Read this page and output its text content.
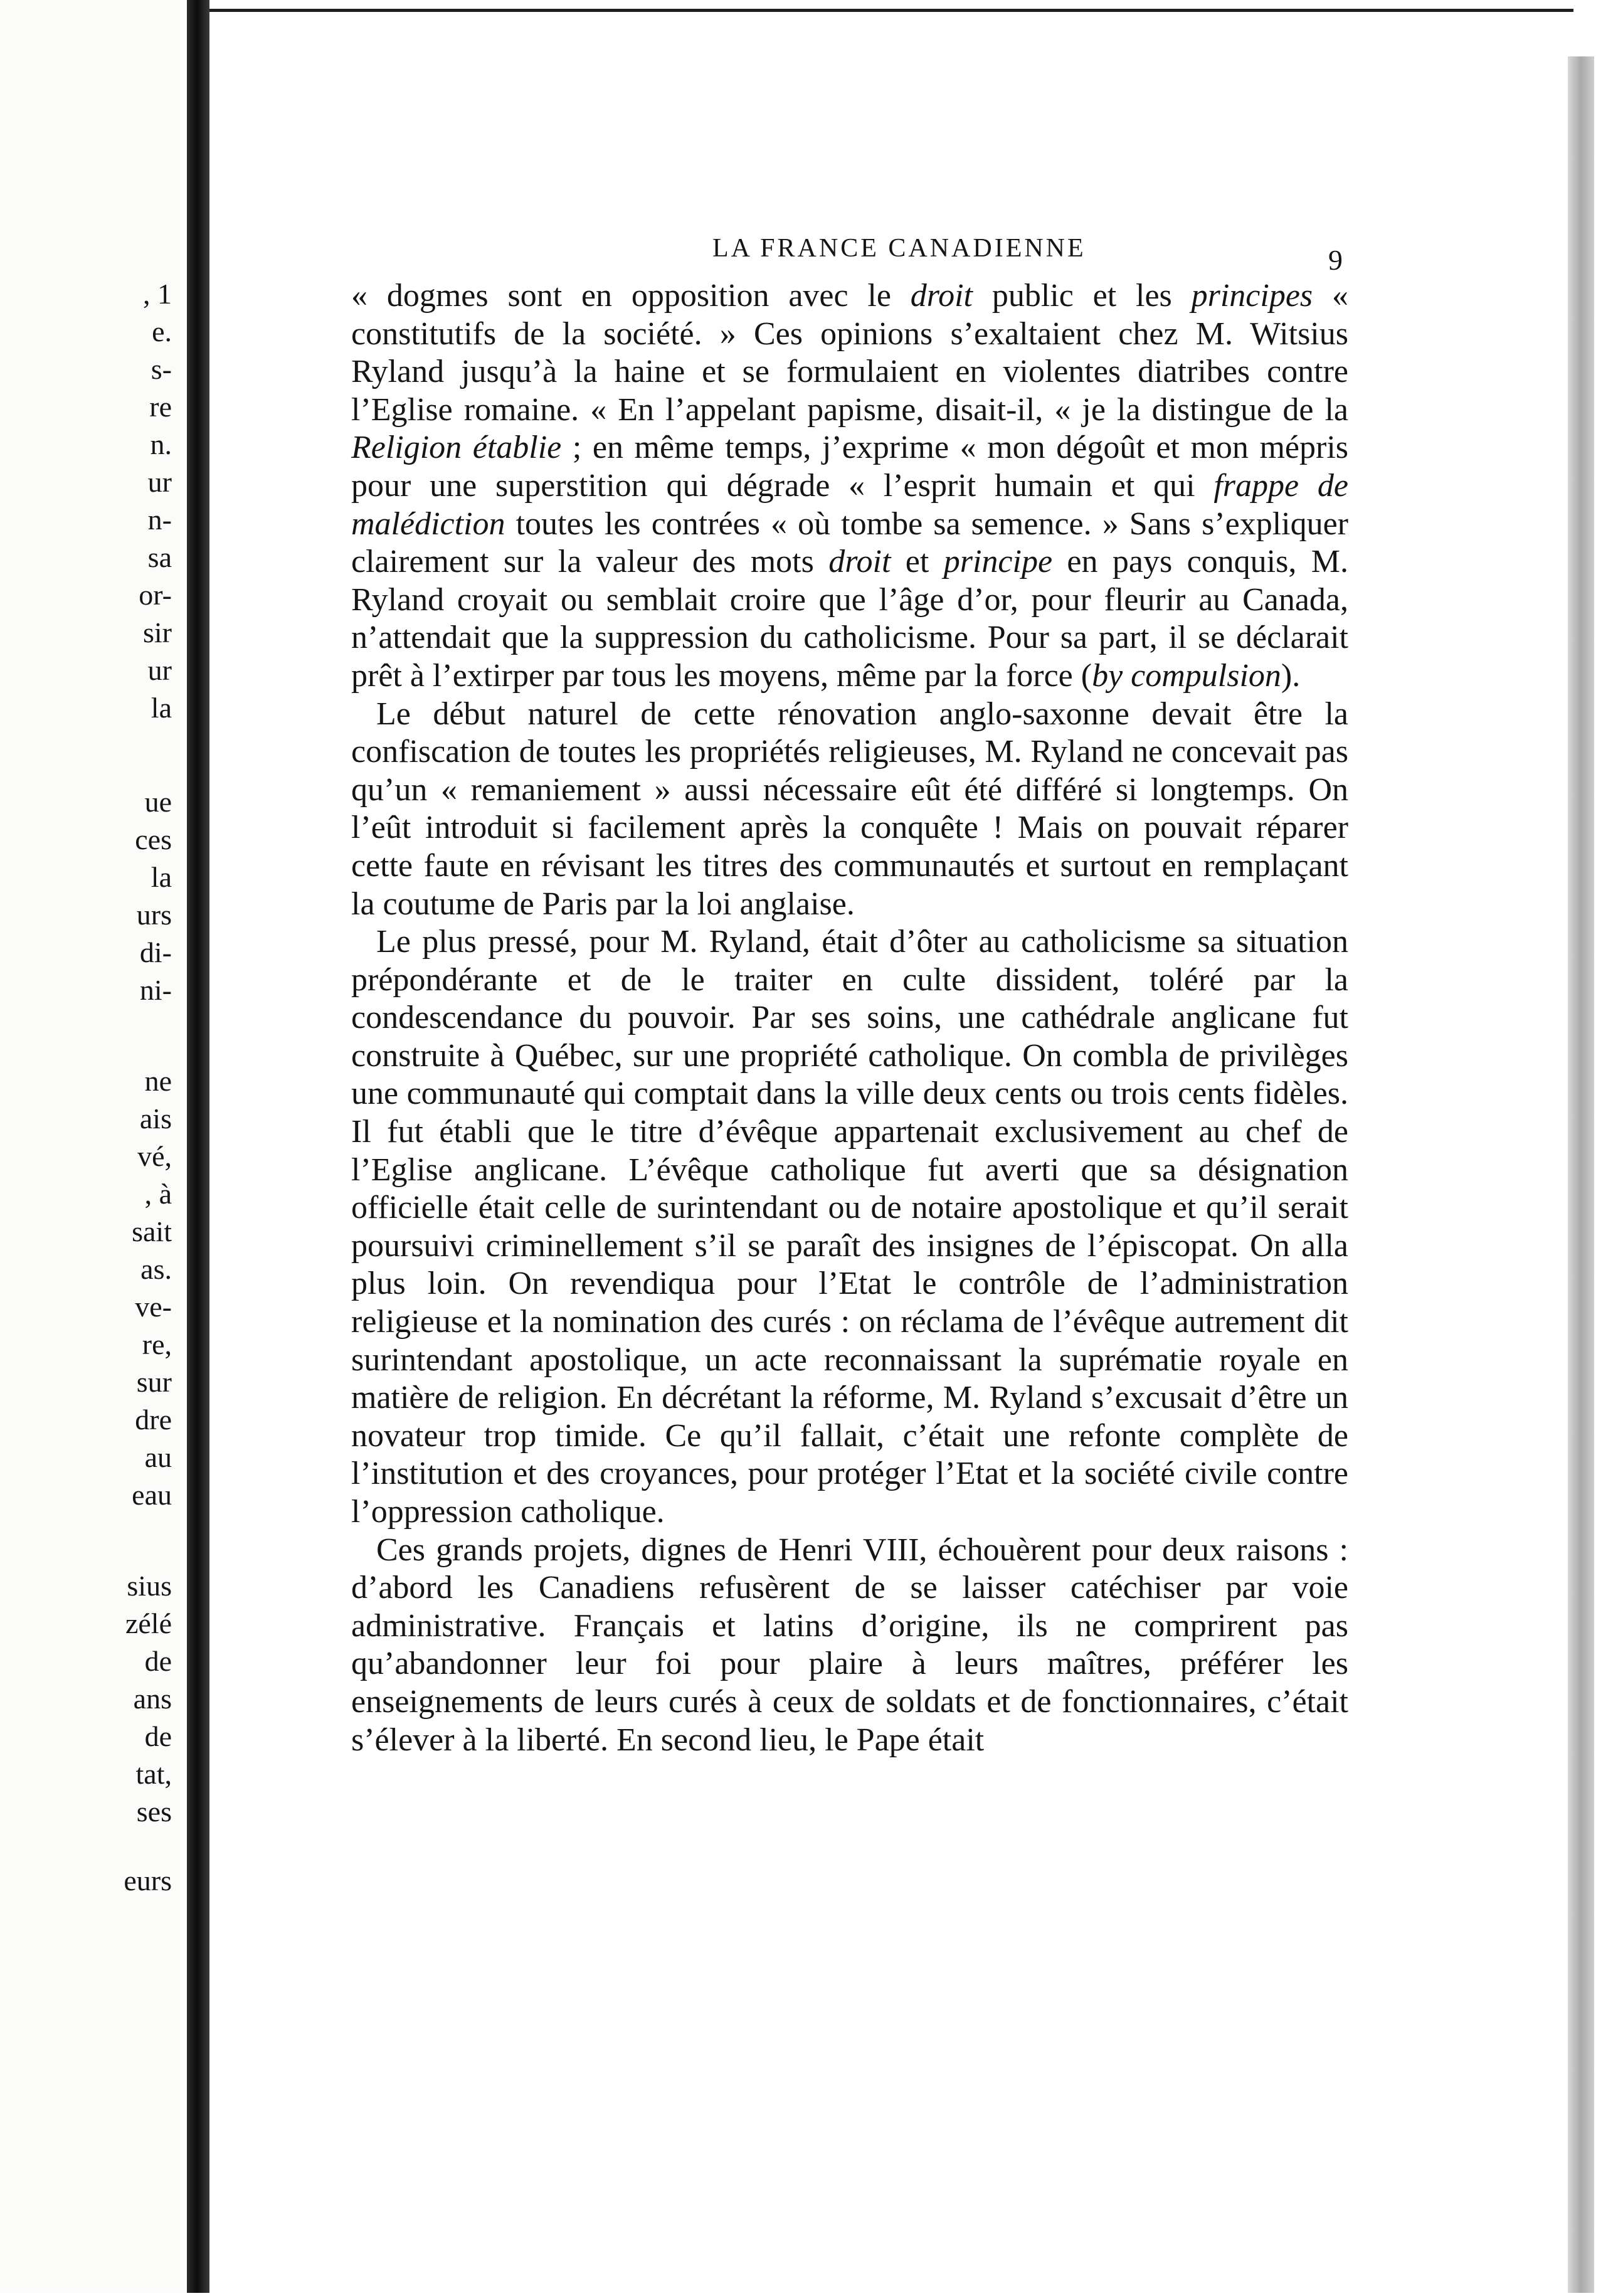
, 1
e.
s-
re
n.
ur
n-
sa
or-
sir
ur
la
ue
ces
la
urs
di-
ni-
ne
ais
vé,
, à
sait
as.
ve-
re,
sur
dre
au
eau
sius
zélé
de
ans
de
tat,
ses
eurs
LA FRANCE CANADIENNE	9

« dogmes sont en opposition avec le droit public et les principes « constitutifs de la société. » Ces opinions s’exaltaient chez M. Witsius Ryland jusqu’à la haine et se formulaient en violentes diatribes contre l’Eglise romaine. « En l’appelant papisme, disait-il, « je la distingue de la Religion établie ; en même temps, j’exprime « mon dégoût et mon mépris pour une superstition qui dégrade « l’esprit humain et qui frappe de malédiction toutes les contrées « où tombe sa semence. » Sans s’expliquer clairement sur la valeur des mots droit et principe en pays conquis, M. Ryland croyait ou semblait croire que l’âge d’or, pour fleurir au Canada, n’attendait que la suppression du catholicisme. Pour sa part, il se déclarait prêt à l’extirper par tous les moyens, même par la force (by compulsion).

Le début naturel de cette rénovation anglo-saxonne devait être la confiscation de toutes les propriétés religieuses, M. Ryland ne concevait pas qu’un « remaniement » aussi nécessaire eût été différé si longtemps. On l’eût introduit si facilement après la conquête ! Mais on pouvait réparer cette faute en révisant les titres des communautés et surtout en remplaçant la coutume de Paris par la loi anglaise.

Le plus pressé, pour M. Ryland, était d’ôter au catholicisme sa situation prépondérante et de le traiter en culte dissident, toléré par la condescendance du pouvoir. Par ses soins, une cathédrale anglicane fut construite à Québec, sur une propriété catholique. On combla de privilèges une communauté qui comptait dans la ville deux cents ou trois cents fidèles. Il fut établi que le titre d’évêque appartenait exclusivement au chef de l’Eglise anglicane. L’évêque catholique fut averti que sa désignation officielle était celle de surintendant ou de notaire apostolique et qu’il serait poursuivi criminellement s’il se paraît des insignes de l’épiscopat. On alla plus loin. On revendiqua pour l’Etat le contrôle de l’administration religieuse et la nomination des curés : on réclama de l’évêque autrement dit surintendant apostolique, un acte reconnaissant la suprématie royale en matière de religion. En décrétant la réforme, M. Ryland s’excusait d’être un novateur trop timide. Ce qu’il fallait, c’était une refonte complète de l’institution et des croyances, pour protéger l’Etat et la société civile contre l’oppression catholique.

Ces grands projets, dignes de Henri VIII, échouèrent pour deux raisons : d’abord les Canadiens refusèrent de se laisser catéchiser par voie administrative. Français et latins d’origine, ils ne comprirent pas qu’abandonner leur foi pour plaire à leurs maîtres, préférer les enseignements de leurs curés à ceux de soldats et de fonctionnaires, c’était s’élever à la liberté. En second lieu, le Pape était
